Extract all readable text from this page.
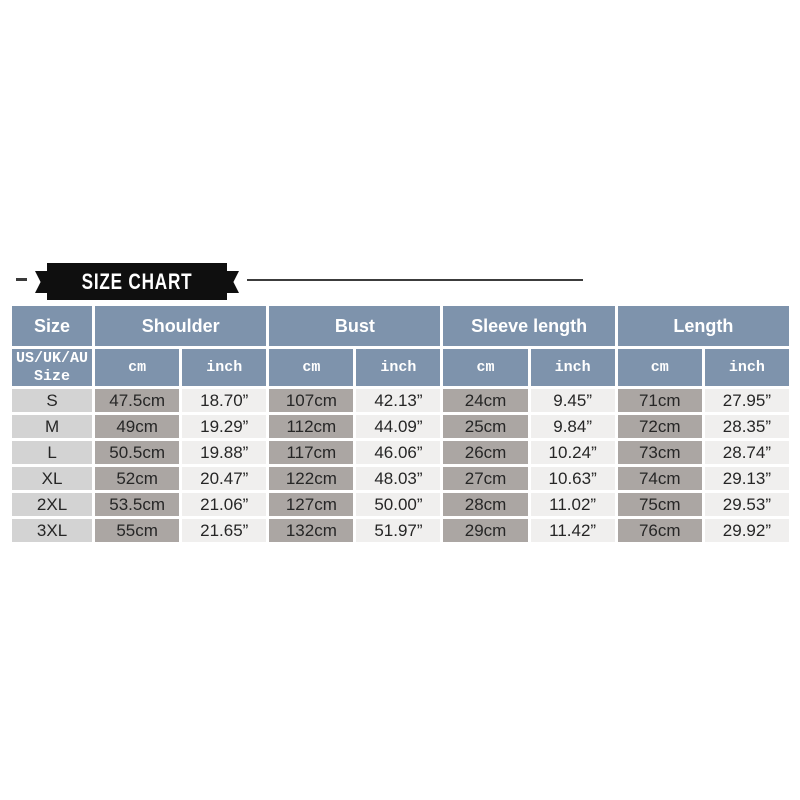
SIZE CHART
Size	Shoulder		Bust		Sleeve length		Length	
US/UK/AU
Size	cm	inch	cm	inch	cm	inch	cm	inch
S	47.5cm	18.70”	107cm	42.13”	24cm	9.45”	71cm	27.95”
M	49cm	19.29”	112cm	44.09”	25cm	9.84”	72cm	28.35”
L	50.5cm	19.88”	117cm	46.06”	26cm	10.24”	73cm	28.74”
XL	52cm	20.47”	122cm	48.03”	27cm	10.63”	74cm	29.13”
2XL	53.5cm	21.06”	127cm	50.00”	28cm	11.02”	75cm	29.53”
3XL	55cm	21.65”	132cm	51.97”	29cm	11.42”	76cm	29.92”
